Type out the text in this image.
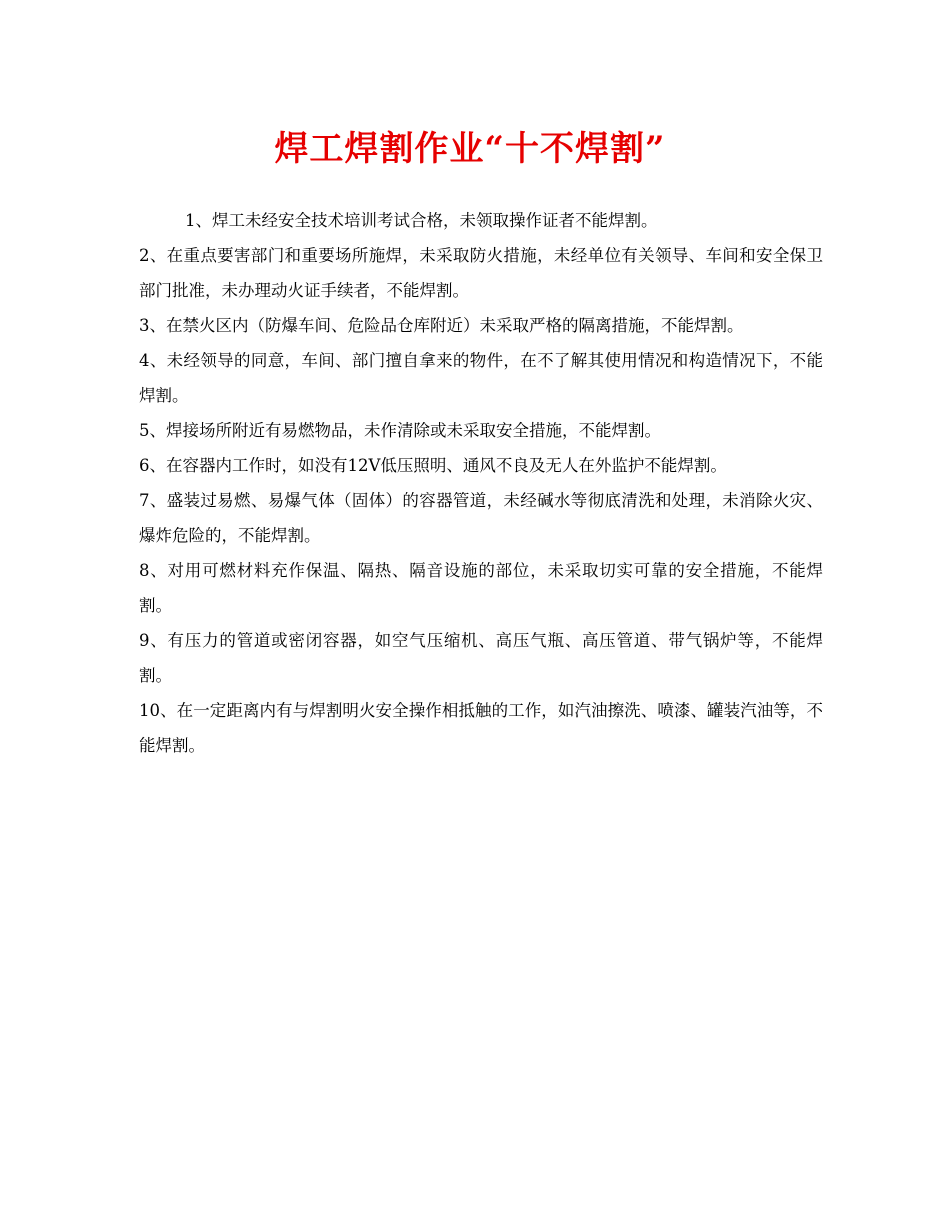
焊工焊割作业“十不焊割”

1、焊工未经安全技术培训考试合格，未领取操作证者不能焊割。

2、在重点要害部门和重要场所施焊，未采取防火措施，未经单位有关领导、车间和安全保卫部门批准，未办理动火证手续者，不能焊割。

3、在禁火区内（防爆车间、危险品仓库附近）未采取严格的隔离措施，不能焊割。

4、未经领导的同意，车间、部门擅自拿来的物件，在不了解其使用情况和构造情况下，不能焊割。

5、焊接场所附近有易燃物品，未作清除或未采取安全措施，不能焊割。

6、在容器内工作时，如没有12V低压照明、通风不良及无人在外监护不能焊割。

7、盛装过易燃、易爆气体（固体）的容器管道，未经碱水等彻底清洗和处理，未消除火灾、爆炸危险的，不能焊割。

8、对用可燃材料充作保温、隔热、隔音设施的部位，未采取切实可靠的安全措施，不能焊割。

9、有压力的管道或密闭容器，如空气压缩机、高压气瓶、高压管道、带气锅炉等，不能焊割。

10、在一定距离内有与焊割明火安全操作相抵触的工作，如汽油擦洗、喷漆、罐装汽油等，不能焊割。
